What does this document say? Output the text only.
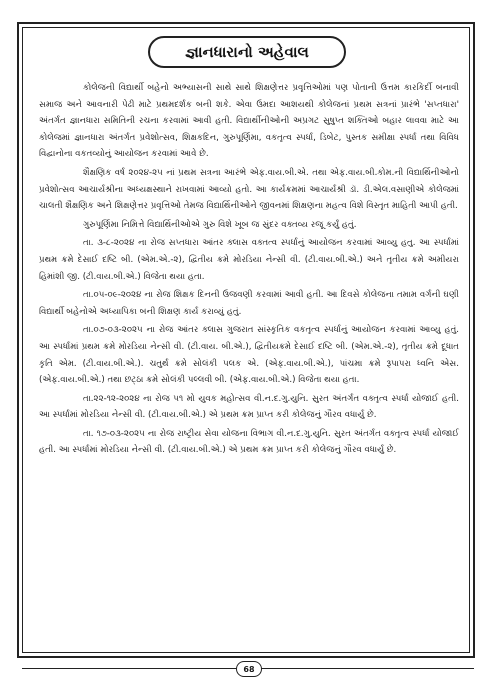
જ્ઞાનધારાનો અહેવાલ

કોલેજની વિદ્યાર્થી બહેનો અભ્યાસની સાથે સાથે શિક્ષણેત્તર પ્રવૃત્તિઓમાં પણ પોતાની ઉત્તમ કારકિર્દી બનાવી સમાજ અને આવનારી પેઢી માટે પ્રથમદર્શક બની શકે. એવા ઉમદા આશયથી કોલેજનાં પ્રથમ સત્રનાં પ્રારંભે 'સપ્તધારા' અંતર્ગત જ્ઞાનધારા સમિતિની રચના કરવામાં આવી હતી. વિદ્યાર્થીનીઓની અપ્રગટ સુષુપ્ત શક્તિઓ બહાર લાવવા માટે આ કોલેજમાં જ્ઞાનધારા અંતર્ગત પ્રવેશોત્સવ, શિક્ષકદિન, ગુરુપૂર્ણિમા, વકતૃત્વ સ્પર્ધા, ડિબેટ, પુસ્તક સમીક્ષા સ્પર્ધા તથા વિવિધ વિદ્વાનોના વકતવ્યોનું આયોજન કરવામાં આવે છે.

શૈક્ષણિક વર્ષ ૨૦૨૪-૨૫ નાં પ્રથમ સત્રના આરંભે એફ.વાય.બી.એ. તથા એફ.વાય.બી.કોમ.ની વિદ્યાર્થિનીઓનો પ્રવેશોત્સવ આચાર્યશ્રીના અધ્યક્ષસ્થાને રાખવામાં આવ્યો હતો. આ કાર્યક્રમમાં આચાર્યશ્રી ડૉ. ડી.એલ.વસાણીએ કોલેજમાં ચાલતી શૈક્ષણિક અને શિક્ષણેત્તર પ્રવૃત્તિઓ તેમજ વિદ્યાર્થિનીઓને જીવનમાં શિક્ષણના મહત્વ વિશે વિસ્તૃત માહિતી આપી હતી.

ગુરુપૂર્ણિમા નિમિત્તે વિદ્યાર્થિનીઓએ ગુરુ વિશે ખૂબ જ સુંદર વક્તવ્ય રજૂ કર્યું હતું.

તા. ૩-૮-૨૦૨૪ ના રોજ સપ્તધારા આંતર ક્લાસ વક્તત્વ સ્પર્ધાનું આયોજન કરવામાં આવ્યુ હતુ. આ સ્પર્ધામાં પ્રથમ ક્રમે દેસાઈ દષ્ટિ બી. (એમ.એ.-૨), દ્વિતીય ક્રમે મોરડિયા નેન્સી વી. (ટી.વાય.બી.એ.) અને તૃતીય ક્રમે અમીયરા હિમાંશી જી. (ટી.વાય.બી.એ.) વિજેતા થયા હતા.

તા.૦૫-૦૯-૨૦૨૪ ના રોજ શિક્ષક દિનની ઉજવણી કરવામાં આવી હતી. આ દિવસે કોલેજના તમામ વર્ગની ઘણી વિદ્યાર્થી બહેનોએ અધ્યાપિકા બની શિક્ષણ કાર્ય કરાવ્યું હતું.

તા.૦૭-૦૩-૨૦૨૫ ના રોજ આંતર ક્લાસ ગુજરાત સાંસ્કૃતિક વકતૃત્વ સ્પર્ધાનું આયોજન કરવામાં આવ્યુ હતું. આ સ્પર્ધામાં પ્રથમ ક્રમે મોરડિયા નેન્સી વી. (ટી.વાય. બી.એ.), દ્વિતીયક્રમે દેસાઈ દષ્ટિ બી. (એમ.એ.-૨), તૃતીય ક્રમે દૂધાત કૃતિ એમ. (ટી.વાય.બી.એ.). ચતુર્થ ક્રમે સોલંકી પલક એ. (એફ.વાય.બી.એ.), પાંચમા ક્રમે રૂપાપરા ધ્વનિ એસ. (એફ.વાય.બી.એ.) તથા છટ્ઠા ક્રમે સોલંકી પલ્લવી બી. (એફ.વાય.બી.એ.) વિજેતા થયા હતા.

તા.૨૨-૧૨-૨૦૨૪ ના રોજ ૫૧ મો યુવક મહોત્સવ વી.ન.દ.ગુ.યુનિ. સુરત અંતર્ગત વક્તૃત્વ સ્પર્ધા યોજાઈ હતી. આ સ્પર્ધામાં મોરડિયા નેન્સી વી. (ટી.વાય.બી.એ.) એ પ્રથમ ક્રમ પ્રાપ્ત કરી કોલેજનું ગૌરવ વધાર્યુ છે.

તા. ૧૭-૦૩-૨૦૨૫ ના રોજ રાષ્ટ્રીય સેવા યોજના વિભાગ વી.ન.દ.ગુ.યુનિ. સુરત અંતર્ગત વક્તૃત્વ સ્પર્ધા યોજાઈ હતી. આ સ્પર્ધામાં મોરડિયા નેન્સી વી. (ટી.વાય.બી.એ.) એ પ્રથમ ક્રમ પ્રાપ્ત કરી કોલેજનું ગૌરવ વધાર્યુ છે.

68
